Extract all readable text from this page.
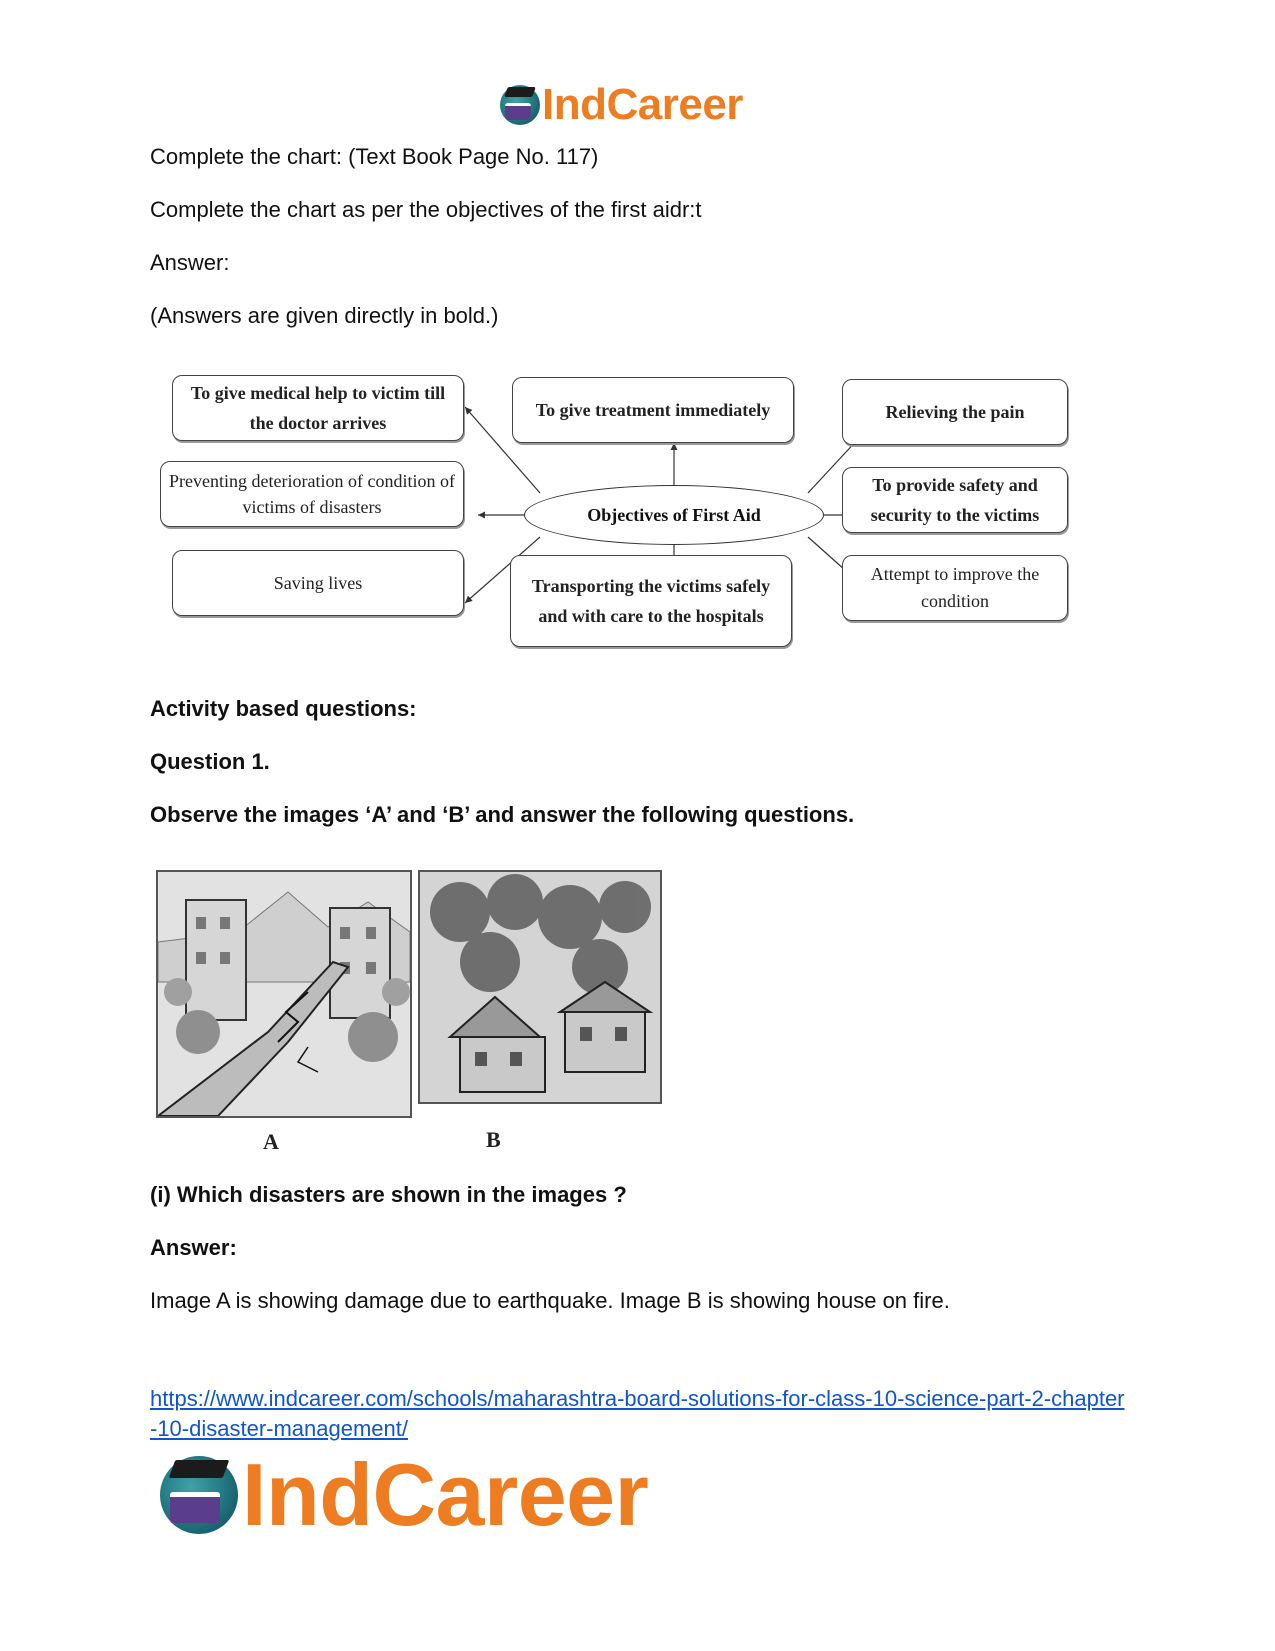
IndCareer
Complete the chart: (Text Book Page No. 117)
Complete the chart as per the objectives of the first aidr:t
Answer:
(Answers are given directly in bold.)
To give medical help to victim till the doctor arrives
To give treatment immediately	Relieving the pain
Preventing deterioration of condition of victims of disasters	Objectives of First Aid
To provide safety and security to the victims
Saving lives	Transporting the victims safely and with care to the hospitals
Attempt to improve the condition
Activity based questions:
Question 1.
Observe the images ‘A’ and ‘B’ and answer the following questions.
A	B
(i) Which disasters are shown in the images ?
Answer:
Image A is showing damage due to earthquake. Image B is showing house on fire.
https://www.indcareer.com/schools/maharashtra-board-solutions-for-class-10-science-part-2-chapter-10-disaster-management/
IndCareer
